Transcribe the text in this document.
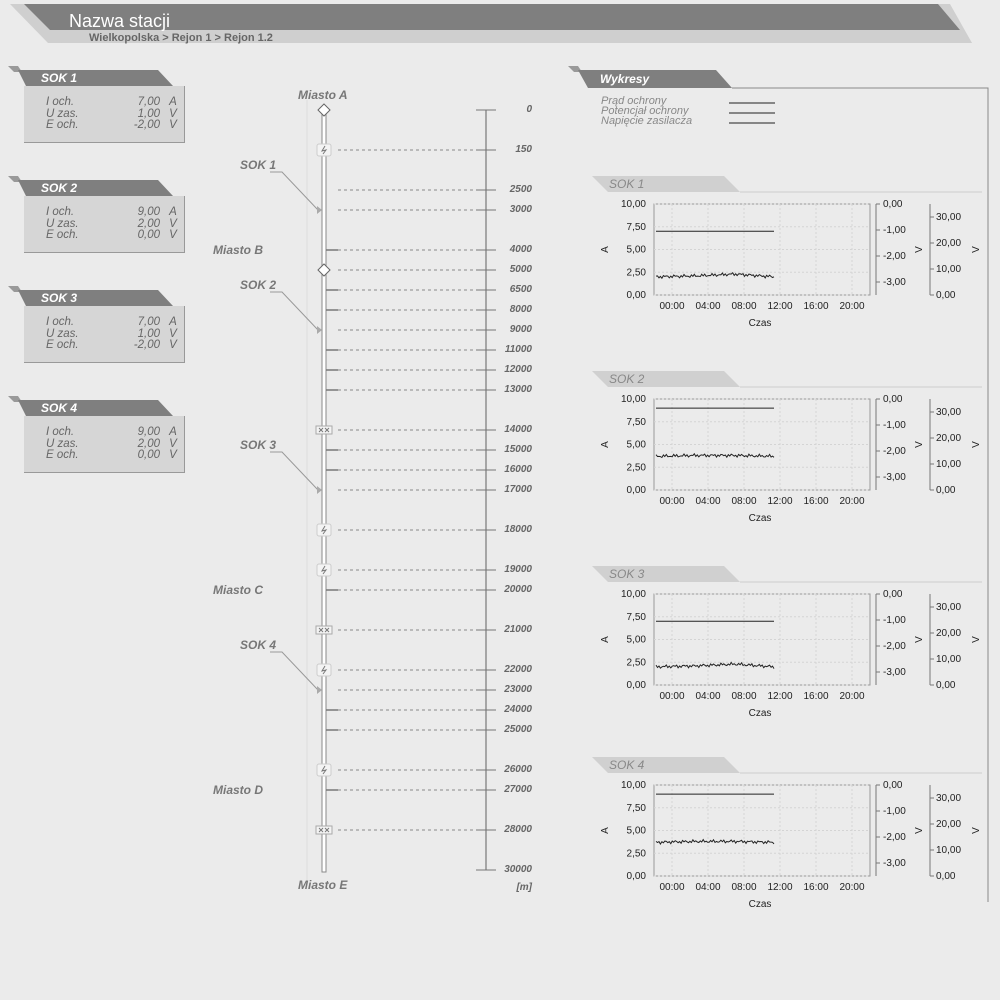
Nazwa stacji
Wielkopolska > Rejon 1 > Rejon 1.2
SOK 1
I och.	7,00 A
U zas.	1,00 V
E och.	-2,00 V
SOK 2
I och.	9,00 A
U zas.	2,00 V
E och.	0,00 V
SOK 3
I och.	7,00 A
U zas.	1,00 V
E och.	-2,00 V
SOK 4
I och.	9,00 A
U zas.	2,00 V
E och.	0,00 V
0
150
2500
3000
4000
5000
6500
8000
9000
11000
12000
13000
14000
15000
16000
17000
18000
19000
20000
21000
22000
23000
24000
25000
26000
27000
28000
30000
[m]
SOK 1
SOK 2
SOK 3
SOK 4
Miasto A
Miasto B
Miasto C
Miasto D
Miasto E
Wykresy
Prąd ochrony
Potencjał ochrony
Napięcie zasilacza
SOK 1
10,00
7,50
5,00
2,50
0,00
00:00 04:00 08:00 12:00 16:00 20:00
Czas
A
0,00
-1,00
-2,00
-3,00
V
30,00
20,00
10,00
0,00
V
SOK 2
10,00
7,50
5,00
2,50
0,00
00:00 04:00 08:00 12:00 16:00 20:00
Czas
A
0,00
-1,00
-2,00
-3,00
V
30,00
20,00
10,00
0,00
V
SOK 3
10,00
7,50
5,00
2,50
0,00
00:00 04:00 08:00 12:00 16:00 20:00
Czas
A
0,00
-1,00
-2,00
-3,00
V
30,00
20,00
10,00
0,00
V
SOK 4
10,00
7,50
5,00
2,50
0,00
00:00 04:00 08:00 12:00 16:00 20:00
Czas
A
0,00
-1,00
-2,00
-3,00
V
30,00
20,00
10,00
0,00
V
